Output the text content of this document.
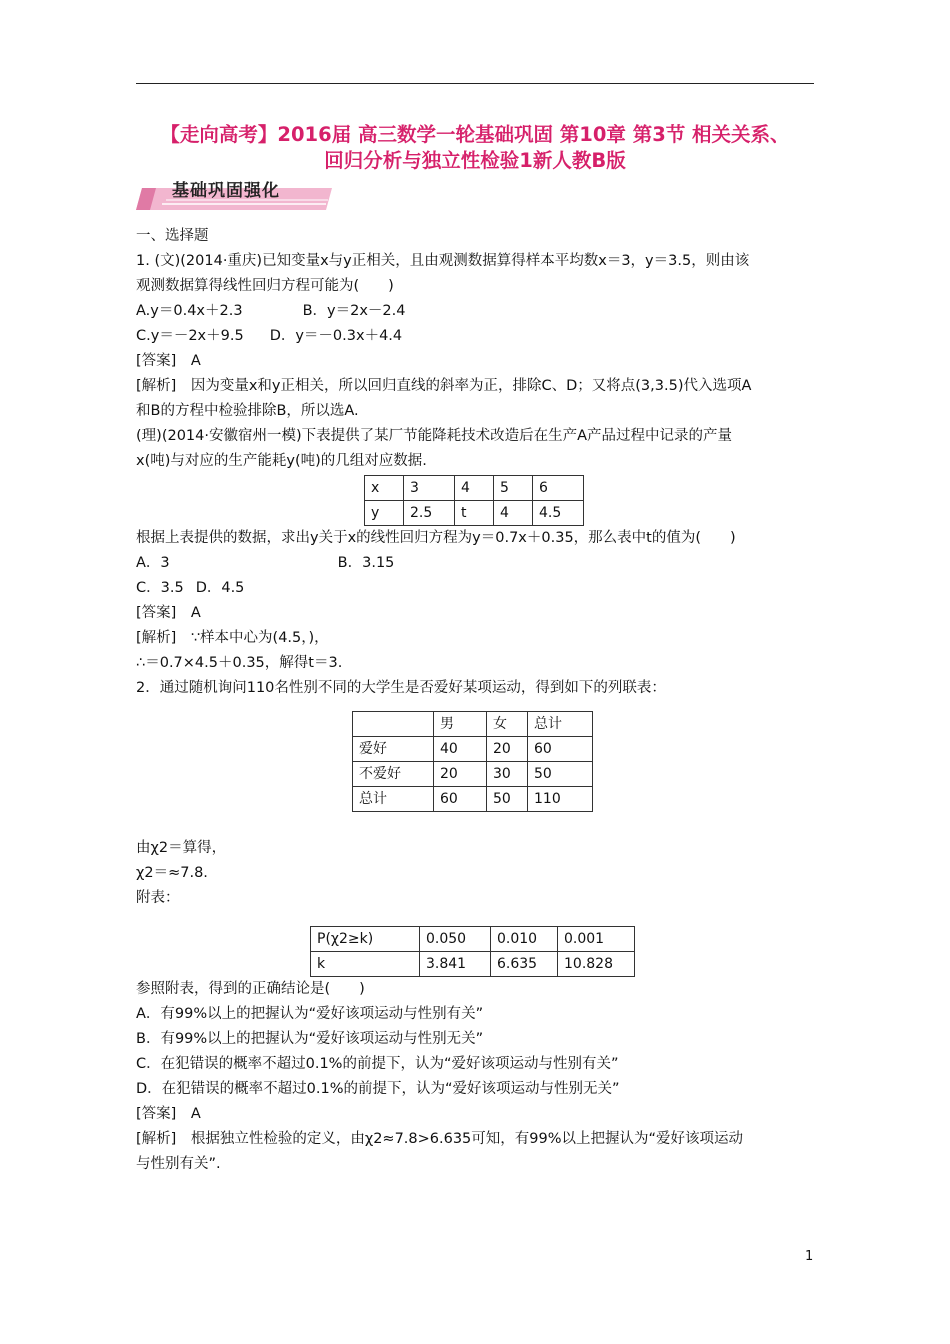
【走向高考】2016届 高三数学一轮基础巩固 第10章 第3节 相关关系、
回归分析与独立性检验1新人教B版
基础巩固强化

一、选择题

1. (文)(2014·重庆)已知变量x与y正相关，且由观测数据算得样本平均数x＝3，y＝3.5，则由该

观测数据算得线性回归方程可能为(　　)

A.y＝0.4x＋2.3	B．y＝2x－2.4

C.y＝－2x＋9.5 D．y＝－0.3x＋4.4

[答案]　A

[解析]　因为变量x和y正相关，所以回归直线的斜率为正，排除C、D；又将点(3,3.5)代入选项A

和B的方程中检验排除B，所以选A.

(理)(2014·安徽宿州一模)下表提供了某厂节能降耗技术改造后在生产A产品过程中记录的产量

x(吨)与对应的生产能耗y(吨)的几组对应数据.

x	3	4	5	6
y	2.5	t	4	4.5

根据上表提供的数据，求出y关于x的线性回归方程为y＝0.7x＋0.35，那么表中t的值为(　　)

A．3	B．3.15

C．3.5 D．4.5

[答案]　A

[解析]　∵样本中心为(4.5，)，

∴＝0.7×4.5＋0.35，解得t＝3.

2．通过随机询问110名性别不同的大学生是否爱好某项运动，得到如下的列联表：

	男	女	总计
爱好	40	20	60
不爱好	20	30	50
总计	60	50	110

由χ2＝算得，

χ2＝≈7.8.

附表：

P(χ2≥k)	0.050	0.010	0.001
k	3.841	6.635	10.828

参照附表，得到的正确结论是(　　)

A．有99%以上的把握认为“爱好该项运动与性别有关”

B．有99%以上的把握认为“爱好该项运动与性别无关”

C．在犯错误的概率不超过0.1%的前提下，认为“爱好该项运动与性别有关”

D．在犯错误的概率不超过0.1%的前提下，认为“爱好该项运动与性别无关”

[答案]　A

[解析]　根据独立性检验的定义，由χ2≈7.8>6.635可知，有99%以上把握认为“爱好该项运动

与性别有关”.

1
